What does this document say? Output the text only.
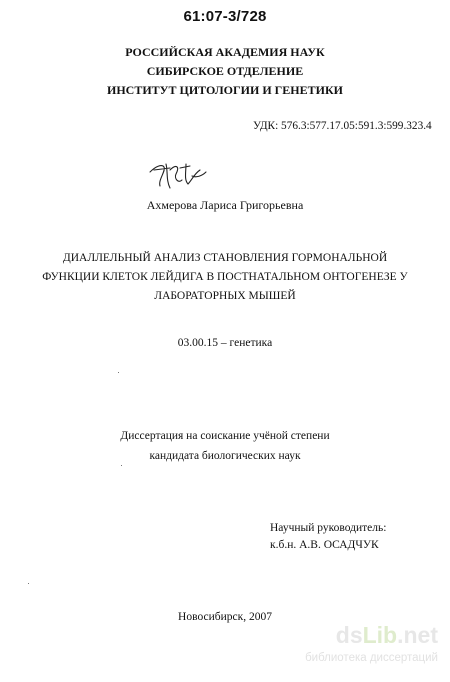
61:07-3/728
РОССИЙСКАЯ АКАДЕМИЯ НАУК
СИБИРСКОЕ ОТДЕЛЕНИЕ
ИНСТИТУТ ЦИТОЛОГИИ И ГЕНЕТИКИ
УДК: 576.3:577.17.05:591.3:599.323.4
Ахмерова Лариса Григорьевна
ДИАЛЛЕЛЬНЫЙ АНАЛИЗ СТАНОВЛЕНИЯ ГОРМОНАЛЬНОЙ
ФУНКЦИИ КЛЕТОК ЛЕЙДИГА В ПОСТНАТАЛЬНОМ ОНТОГЕНЕЗЕ У
ЛАБОРАТОРНЫХ МЫШЕЙ
03.00.15 – генетика
Диссертация на соискание учёной степени
кандидата биологических наук
Научный руководитель:
к.б.н. А.В. ОСАДЧУК
Новосибирск, 2007
dsLib.net
библиотека диссертаций
